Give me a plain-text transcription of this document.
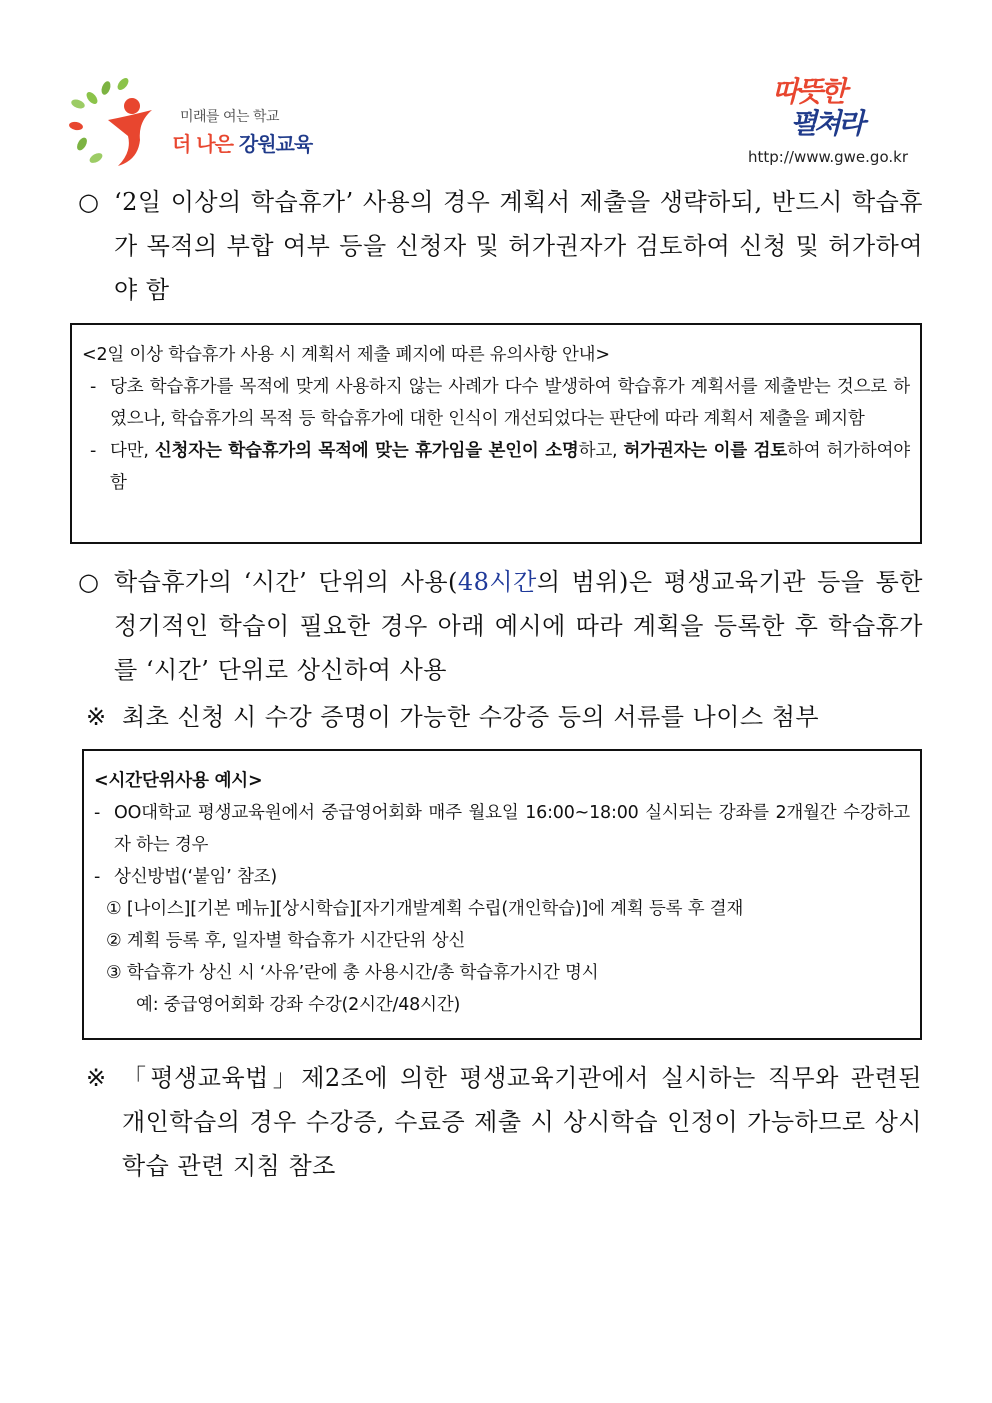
미래를 여는 학교
더 나은 강원교육
따뜻한
펼쳐라
http://www.gwe.go.kr
○ ‘2일 이상의 학습휴가’ 사용의 경우 계획서 제출을 생략하되, 반드시 학습휴가 목적의 부합 여부 등을 신청자 및 허가권자가 검토하여 신청 및 허가하여야 함
<2일 이상 학습휴가 사용 시 계획서 제출 폐지에 따른 유의사항 안내>
- 당초 학습휴가를 목적에 맞게 사용하지 않는 사례가 다수 발생하여 학습휴가 계획서를 제출받는 것으로 하였으나, 학습휴가의 목적 등 학습휴가에 대한 인식이 개선되었다는 판단에 따라 계획서 제출을 폐지함
- 다만, 신청자는 학습휴가의 목적에 맞는 휴가임을 본인이 소명하고, 허가권자는 이를 검토하여 허가하여야 함
○ 학습휴가의 ‘시간’ 단위의 사용(48시간의 범위)은 평생교육기관 등을 통한 정기적인 학습이 필요한 경우 아래 예시에 따라 계획을 등록한 후 학습휴가를 ‘시간’ 단위로 상신하여 사용
※ 최초 신청 시 수강 증명이 가능한 수강증 등의 서류를 나이스 첨부
<시간단위사용 예시>
- OO대학교 평생교육원에서 중급영어회화 매주 월요일 16:00~18:00 실시되는 강좌를 2개월간 수강하고자 하는 경우
- 상신방법(‘붙임’ 참조)
① [나이스][기본 메뉴][상시학습][자기개발계획 수립(개인학습)]에 계획 등록 후 결재
② 계획 등록 후, 일자별 학습휴가 시간단위 상신
③ 학습휴가 상신 시 ‘사유’란에 총 사용시간/총 학습휴가시간 명시
예: 중급영어회화 강좌 수강(2시간/48시간)
※ 「평생교육법」제2조에 의한 평생교육기관에서 실시하는 직무와 관련된 개인학습의 경우 수강증, 수료증 제출 시 상시학습 인정이 가능하므로 상시학습 관련 지침 참조
